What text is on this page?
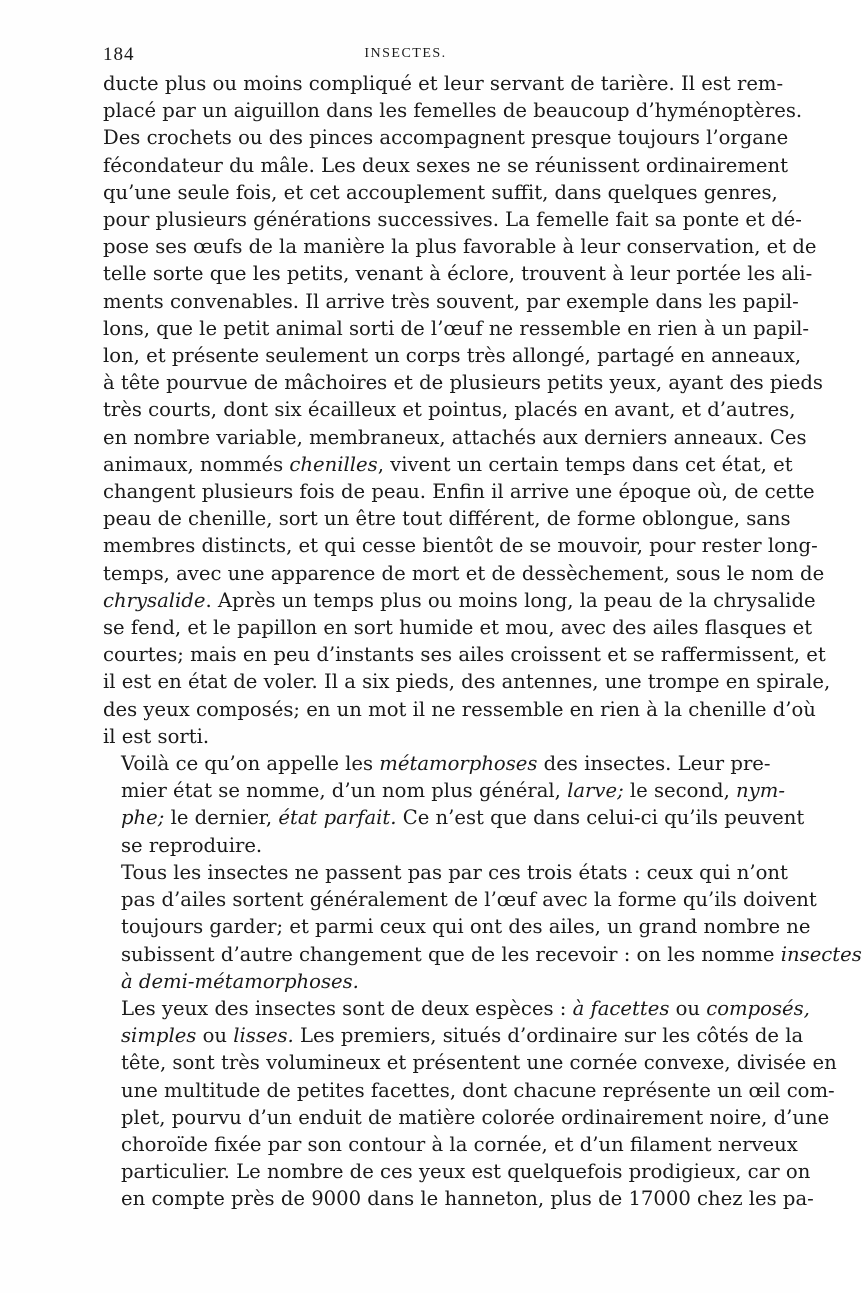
184	INSECTES.
ducte plus ou moins compliqué et leur servant de tarière. Il est rem-
placé par un aiguillon dans les femelles de beaucoup d’hyménoptères.
Des crochets ou des pinces accompagnent presque toujours l’organe
fécondateur du mâle. Les deux sexes ne se réunissent ordinairement
qu’une seule fois, et cet accouplement suffit, dans quelques genres,
pour plusieurs générations successives. La femelle fait sa ponte et dé-
pose ses œufs de la manière la plus favorable à leur conservation, et de
telle sorte que les petits, venant à éclore, trouvent à leur portée les ali-
ments convenables. Il arrive très souvent, par exemple dans les papil-
lons, que le petit animal sorti de l’œuf ne ressemble en rien à un papil-
lon, et présente seulement un corps très allongé, partagé en anneaux,
à tête pourvue de mâchoires et de plusieurs petits yeux, ayant des pieds
très courts, dont six écailleux et pointus, placés en avant, et d’autres,
en nombre variable, membraneux, attachés aux derniers anneaux. Ces
animaux, nommés chenilles, vivent un certain temps dans cet état, et
changent plusieurs fois de peau. Enfin il arrive une époque où, de cette
peau de chenille, sort un être tout différent, de forme oblongue, sans
membres distincts, et qui cesse bientôt de se mouvoir, pour rester long-
temps, avec une apparence de mort et de dessèchement, sous le nom de
chrysalide. Après un temps plus ou moins long, la peau de la chrysalide
se fend, et le papillon en sort humide et mou, avec des ailes flasques et
courtes; mais en peu d’instants ses ailes croissent et se raffermissent, et
il est en état de voler. Il a six pieds, des antennes, une trompe en spirale,
des yeux composés; en un mot il ne ressemble en rien à la chenille d’où
il est sorti.
Voilà ce qu’on appelle les métamorphoses des insectes. Leur pre-
mier état se nomme, d’un nom plus général, larve; le second, nym-
phe; le dernier, état parfait. Ce n’est que dans celui-ci qu’ils peuvent
se reproduire.
Tous les insectes ne passent pas par ces trois états : ceux qui n’ont
pas d’ailes sortent généralement de l’œuf avec la forme qu’ils doivent
toujours garder; et parmi ceux qui ont des ailes, un grand nombre ne
subissent d’autre changement que de les recevoir : on les nomme insectes
à demi-métamorphoses.
Les yeux des insectes sont de deux espèces : à facettes ou composés,
simples ou lisses. Les premiers, situés d’ordinaire sur les côtés de la
tête, sont très volumineux et présentent une cornée convexe, divisée en
une multitude de petites facettes, dont chacune représente un œil com-
plet, pourvu d’un enduit de matière colorée ordinairement noire, d’une
choroïde fixée par son contour à la cornée, et d’un filament nerveux
particulier. Le nombre de ces yeux est quelquefois prodigieux, car on
en compte près de 9000 dans le hanneton, plus de 17000 chez les pa-
